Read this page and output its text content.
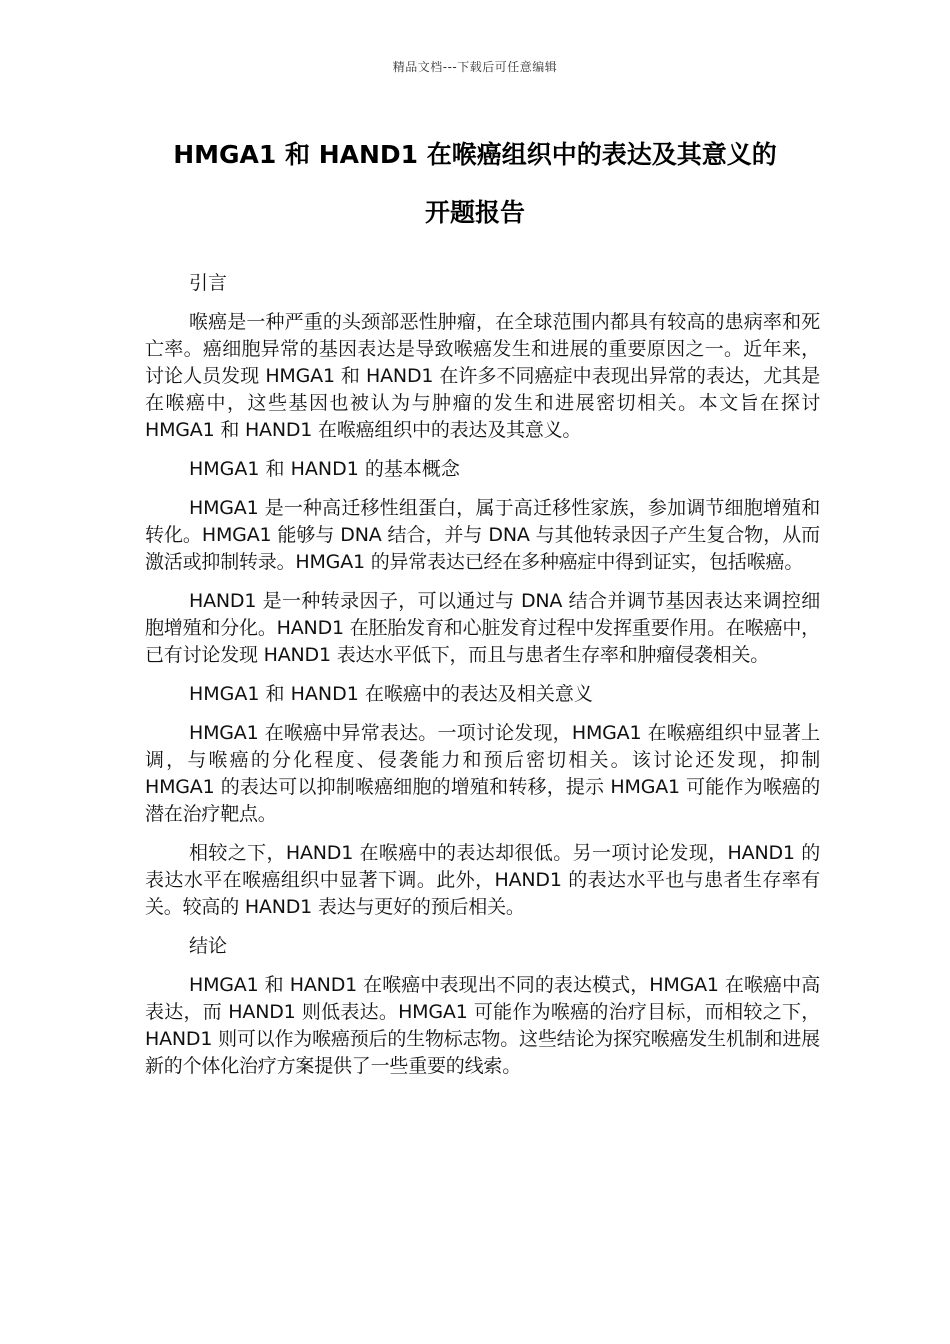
精品文档---下载后可任意编辑
HMGA1 和 HAND1 在喉癌组织中的表达及其意义的
开题报告

引言

喉癌是一种严重的头颈部恶性肿瘤，在全球范围内都具有较高的患病率和死亡率。癌细胞异常的基因表达是导致喉癌发生和进展的重要原因之一。近年来，讨论人员发现 HMGA1 和 HAND1 在许多不同癌症中表现出异常的表达，尤其是在喉癌中，这些基因也被认为与肿瘤的发生和进展密切相关。本文旨在探讨 HMGA1 和 HAND1 在喉癌组织中的表达及其意义。

HMGA1 和 HAND1 的基本概念

HMGA1 是一种高迁移性组蛋白，属于高迁移性家族，参加调节细胞增殖和转化。HMGA1 能够与 DNA 结合，并与 DNA 与其他转录因子产生复合物，从而激活或抑制转录。HMGA1 的异常表达已经在多种癌症中得到证实，包括喉癌。

HAND1 是一种转录因子，可以通过与 DNA 结合并调节基因表达来调控细胞增殖和分化。HAND1 在胚胎发育和心脏发育过程中发挥重要作用。在喉癌中，已有讨论发现 HAND1 表达水平低下，而且与患者生存率和肿瘤侵袭相关。

HMGA1 和 HAND1 在喉癌中的表达及相关意义

HMGA1 在喉癌中异常表达。一项讨论发现，HMGA1 在喉癌组织中显著上调，与喉癌的分化程度、侵袭能力和预后密切相关。该讨论还发现，抑制 HMGA1 的表达可以抑制喉癌细胞的增殖和转移，提示 HMGA1 可能作为喉癌的潜在治疗靶点。

相较之下，HAND1 在喉癌中的表达却很低。另一项讨论发现，HAND1 的表达水平在喉癌组织中显著下调。此外，HAND1 的表达水平也与患者生存率有关。较高的 HAND1 表达与更好的预后相关。

结论

HMGA1 和 HAND1 在喉癌中表现出不同的表达模式，HMGA1 在喉癌中高表达，而 HAND1 则低表达。HMGA1 可能作为喉癌的治疗目标，而相较之下，HAND1 则可以作为喉癌预后的生物标志物。这些结论为探究喉癌发生机制和进展新的个体化治疗方案提供了一些重要的线索。
